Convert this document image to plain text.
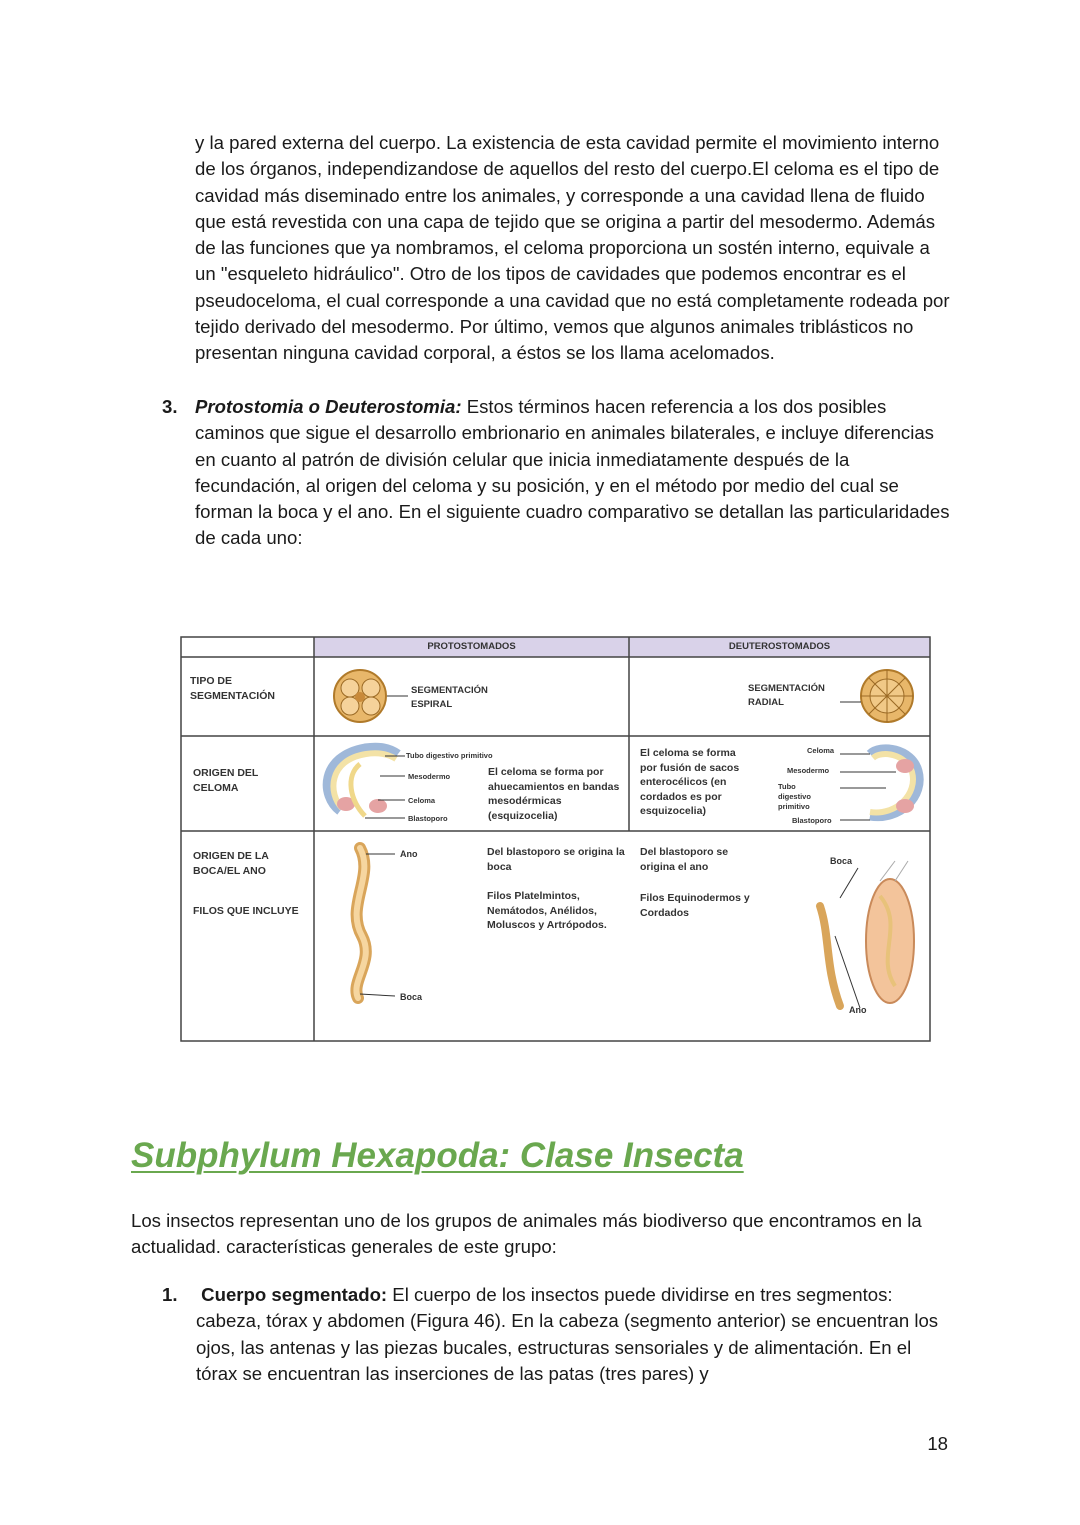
y la pared externa del cuerpo. La existencia de esta cavidad permite el movimiento interno de los órganos, independizandose de aquellos del resto del cuerpo.El celoma es el tipo de cavidad más diseminado entre los animales, y corresponde a una cavidad llena de fluido que está revestida con una capa de tejido que se origina a partir del mesodermo. Además de las funciones que ya nombramos, el celoma proporciona un sostén interno, equivale a un "esqueleto hidráulico". Otro de los tipos de cavidades que podemos encontrar es el pseudoceloma, el cual corresponde a una cavidad que no está completamente rodeada por tejido derivado del mesodermo. Por último, vemos que algunos animales triblásticos no presentan ninguna cavidad corporal, a éstos se los llama acelomados.

3. Protostomia o Deuterostomia: Estos términos hacen referencia a los dos posibles caminos que sigue el desarrollo embrionario en animales bilaterales, e incluye diferencias en cuanto al patrón de división celular que inicia inmediatamente después de la fecundación, al origen del celoma y su posición, y en el método por medio del cual se forman la boca y el ano. En el siguiente cuadro comparativo se detallan las particularidades de cada uno:

PROTOSTOMADOS	DEUTEROSTOMADOS
TIPO DE SEGMENTACIÓN
ORIGEN DEL CELOMA
ORIGEN DE LA BOCA/EL ANO
FILOS QUE INCLUYE
SEGMENTACIÓN ESPIRAL
SEGMENTACIÓN RADIAL
Tubo digestivo primitivo
Mesodermo
Celoma
Blastoporo
El celoma se forma por ahuecamientos en bandas mesodérmicas (esquizocelia)
El celoma se forma por fusión de sacos enterocélicos (en cordados es por esquizocelia)
Celoma
Mesodermo
Tubo digestivo primitivo
Blastoporo
Ano
Boca
Del blastoporo se origina la boca
Filos Platelmintos, Nemátodos, Anélidos, Moluscos y Artrópodos.
Del blastoporo se origina el ano
Filos Equinodermos y Cordados
Boca
Ano
Subphylum Hexapoda: Clase Insecta

Los insectos representan uno de los grupos de animales más biodiverso que encontramos en la actualidad. características generales de este grupo:

1. Cuerpo segmentado: El cuerpo de los insectos puede dividirse en tres segmentos: cabeza, tórax y abdomen (Figura 46). En la cabeza (segmento anterior) se encuentran los ojos, las antenas y las piezas bucales, estructuras sensoriales y de alimentación. En el tórax se encuentran las inserciones de las patas (tres pares) y

18
